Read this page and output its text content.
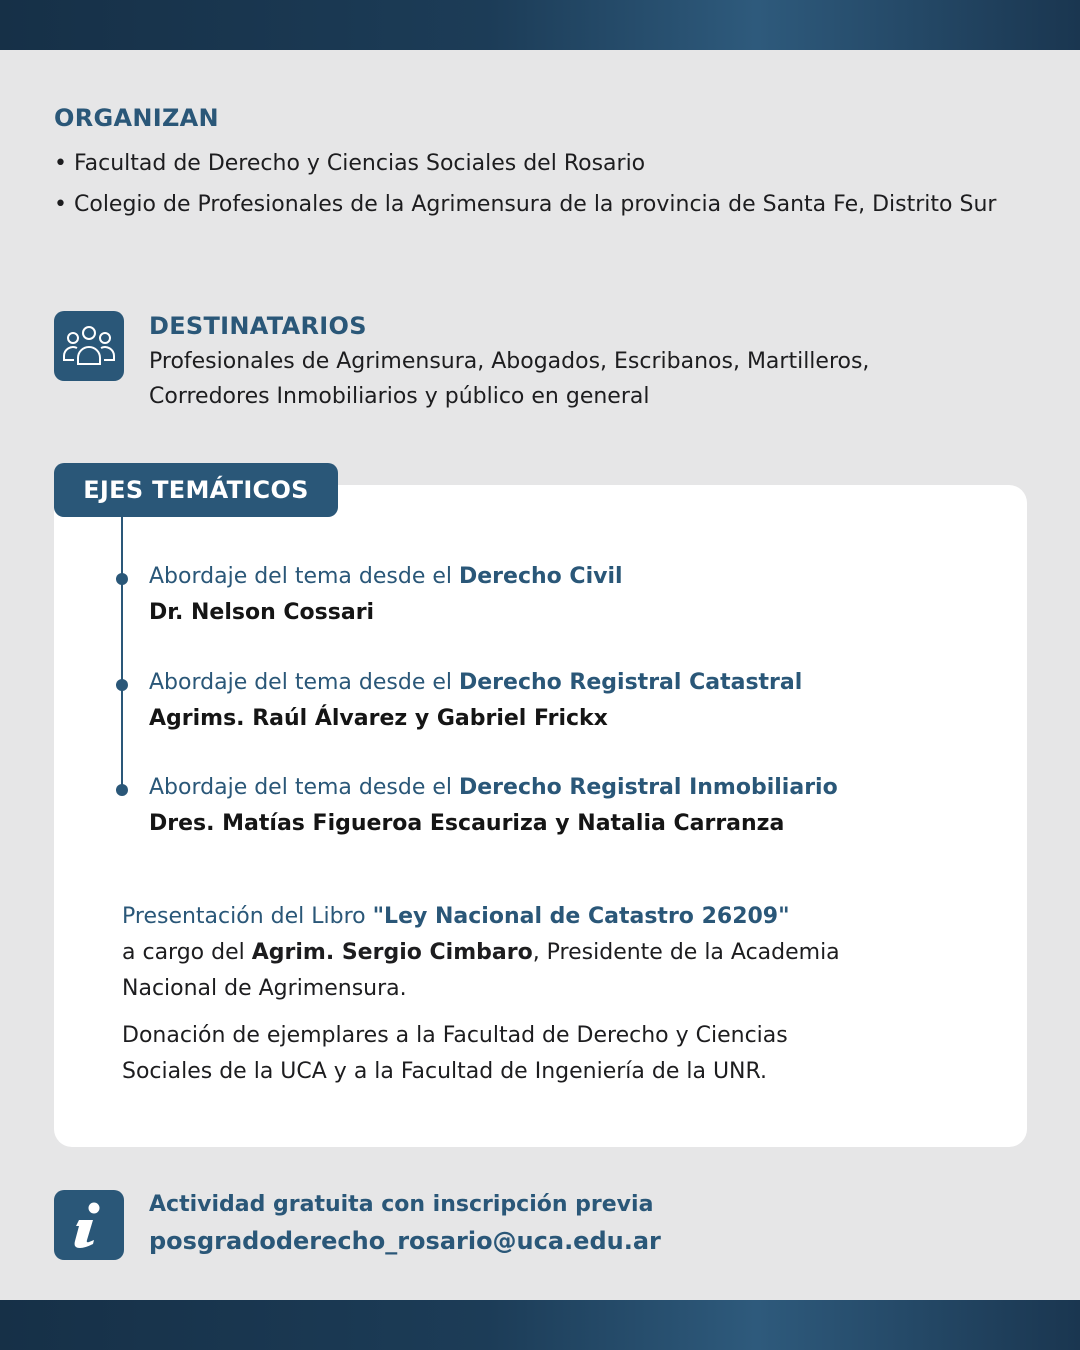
ORGANIZAN
• Facultad de Derecho y Ciencias Sociales del Rosario
• Colegio de Profesionales de la Agrimensura de la provincia de Santa Fe, Distrito Sur
DESTINATARIOS
Profesionales de Agrimensura, Abogados, Escribanos, Martilleros,
Corredores Inmobiliarios y público en general
EJES TEMÁTICOS
Abordaje del tema desde el Derecho Civil
Dr. Nelson Cossari
Abordaje del tema desde el Derecho Registral Catastral
Agrims. Raúl Álvarez y Gabriel Frickx
Abordaje del tema desde el Derecho Registral Inmobiliario
Dres. Matías Figueroa Escauriza y Natalia Carranza
Presentación del Libro "Ley Nacional de Catastro 26209"
a cargo del Agrim. Sergio Cimbaro, Presidente de la Academia
Nacional de Agrimensura.
Donación de ejemplares a la Facultad de Derecho y Ciencias
Sociales de la UCA y a la Facultad de Ingeniería de la UNR.
Actividad gratuita con inscripción previa
posgradoderecho_rosario@uca.edu.ar
